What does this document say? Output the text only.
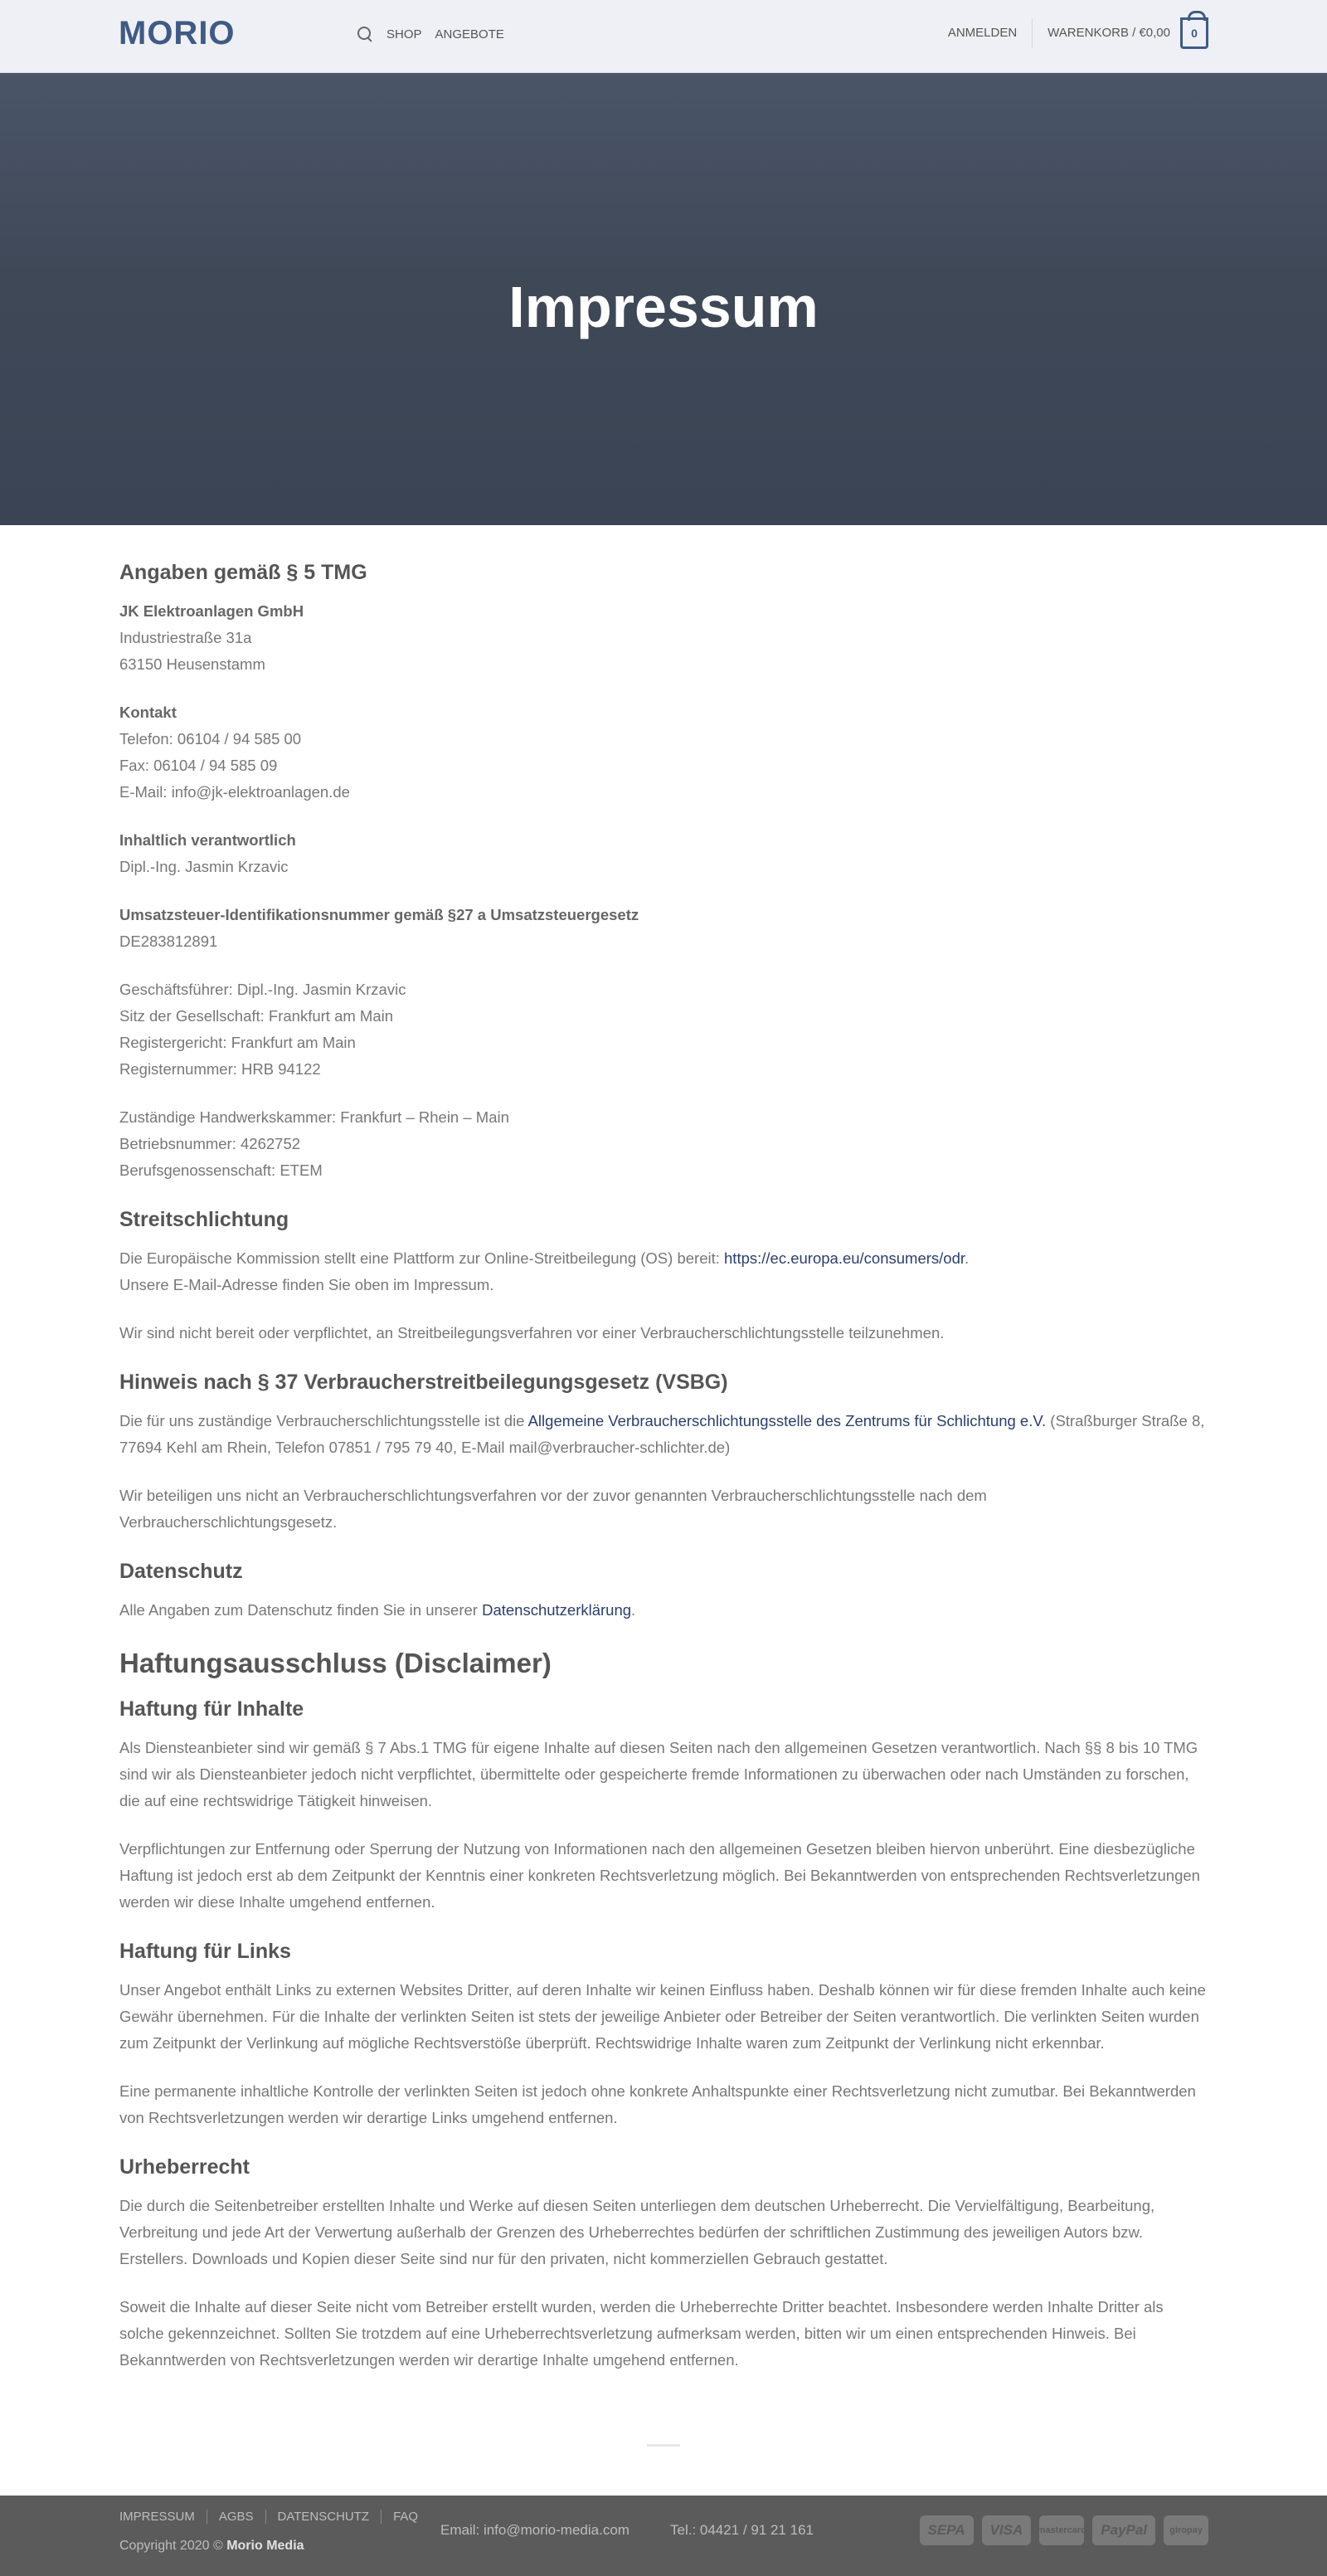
MORIO	SHOP ANGEBOTE	ANMELDEN	WARENKORB / €0,00 0
Impressum
Angaben gemäß § 5 TMG

JK Elektroanlagen GmbH
Industriestraße 31a
63150 Heusenstamm

Kontakt
Telefon: 06104 / 94 585 00
Fax: 06104 / 94 585 09
E-Mail: info@jk-elektroanlagen.de

Inhaltlich verantwortlich
Dipl.-Ing. Jasmin Krzavic

Umsatzsteuer-Identifikationsnummer gemäß §27 a Umsatzsteuergesetz
DE283812891

Geschäftsführer: Dipl.-Ing. Jasmin Krzavic
Sitz der Gesellschaft: Frankfurt am Main
Registergericht: Frankfurt am Main
Registernummer: HRB 94122

Zuständige Handwerkskammer: Frankfurt – Rhein – Main
Betriebsnummer: 4262752
Berufsgenossenschaft: ETEM

Streitschlichtung

Die Europäische Kommission stellt eine Plattform zur Online-Streitbeilegung (OS) bereit: https://ec.europa.eu/consumers/odr.
Unsere E-Mail-Adresse finden Sie oben im Impressum.

Wir sind nicht bereit oder verpflichtet, an Streitbeilegungsverfahren vor einer Verbraucherschlichtungsstelle teilzunehmen.

Hinweis nach § 37 Verbraucherstreitbeilegungsgesetz (VSBG)

Die für uns zuständige Verbraucherschlichtungsstelle ist die Allgemeine Verbraucherschlichtungsstelle des Zentrums für Schlichtung e.V. (Straßburger Straße 8, 77694 Kehl am Rhein, Telefon 07851 / 795 79 40, E-Mail mail@verbraucher-schlichter.de)

Wir beteiligen uns nicht an Verbraucherschlichtungsverfahren vor der zuvor genannten Verbraucherschlichtungsstelle nach dem Verbraucherschlichtungsgesetz.

Datenschutz

Alle Angaben zum Datenschutz finden Sie in unserer Datenschutzerklärung.

Haftungsausschluss (Disclaimer)
Haftung für Inhalte

Als Diensteanbieter sind wir gemäß § 7 Abs.1 TMG für eigene Inhalte auf diesen Seiten nach den allgemeinen Gesetzen verantwortlich. Nach §§ 8 bis 10 TMG sind wir als Diensteanbieter jedoch nicht verpflichtet, übermittelte oder gespeicherte fremde Informationen zu überwachen oder nach Umständen zu forschen, die auf eine rechtswidrige Tätigkeit hinweisen.

Verpflichtungen zur Entfernung oder Sperrung der Nutzung von Informationen nach den allgemeinen Gesetzen bleiben hiervon unberührt. Eine diesbezügliche Haftung ist jedoch erst ab dem Zeitpunkt der Kenntnis einer konkreten Rechtsverletzung möglich. Bei Bekanntwerden von entsprechenden Rechtsverletzungen werden wir diese Inhalte umgehend entfernen.

Haftung für Links

Unser Angebot enthält Links zu externen Websites Dritter, auf deren Inhalte wir keinen Einfluss haben. Deshalb können wir für diese fremden Inhalte auch keine Gewähr übernehmen. Für die Inhalte der verlinkten Seiten ist stets der jeweilige Anbieter oder Betreiber der Seiten verantwortlich. Die verlinkten Seiten wurden zum Zeitpunkt der Verlinkung auf mögliche Rechtsverstöße überprüft. Rechtswidrige Inhalte waren zum Zeitpunkt der Verlinkung nicht erkennbar.

Eine permanente inhaltliche Kontrolle der verlinkten Seiten ist jedoch ohne konkrete Anhaltspunkte einer Rechtsverletzung nicht zumutbar. Bei Bekanntwerden von Rechtsverletzungen werden wir derartige Links umgehend entfernen.

Urheberrecht

Die durch die Seitenbetreiber erstellten Inhalte und Werke auf diesen Seiten unterliegen dem deutschen Urheberrecht. Die Vervielfältigung, Bearbeitung, Verbreitung und jede Art der Verwertung außerhalb der Grenzen des Urheberrechtes bedürfen der schriftlichen Zustimmung des jeweiligen Autors bzw. Erstellers. Downloads und Kopien dieser Seite sind nur für den privaten, nicht kommerziellen Gebrauch gestattet.

Soweit die Inhalte auf dieser Seite nicht vom Betreiber erstellt wurden, werden die Urheberrechte Dritter beachtet. Insbesondere werden Inhalte Dritter als solche gekennzeichnet. Sollten Sie trotzdem auf eine Urheberrechtsverletzung aufmerksam werden, bitten wir um einen entsprechenden Hinweis. Bei Bekanntwerden von Rechtsverletzungen werden wir derartige Inhalte umgehend entfernen.

IMPRESSUM	AGBS	DATENSCHUTZ	FAQ
Copyright 2020 © Morio Media
Email: info@morio-media.com	Tel.: 04421 / 91 21 161	SEPA	VISA	mastercard	PayPal	giropay
